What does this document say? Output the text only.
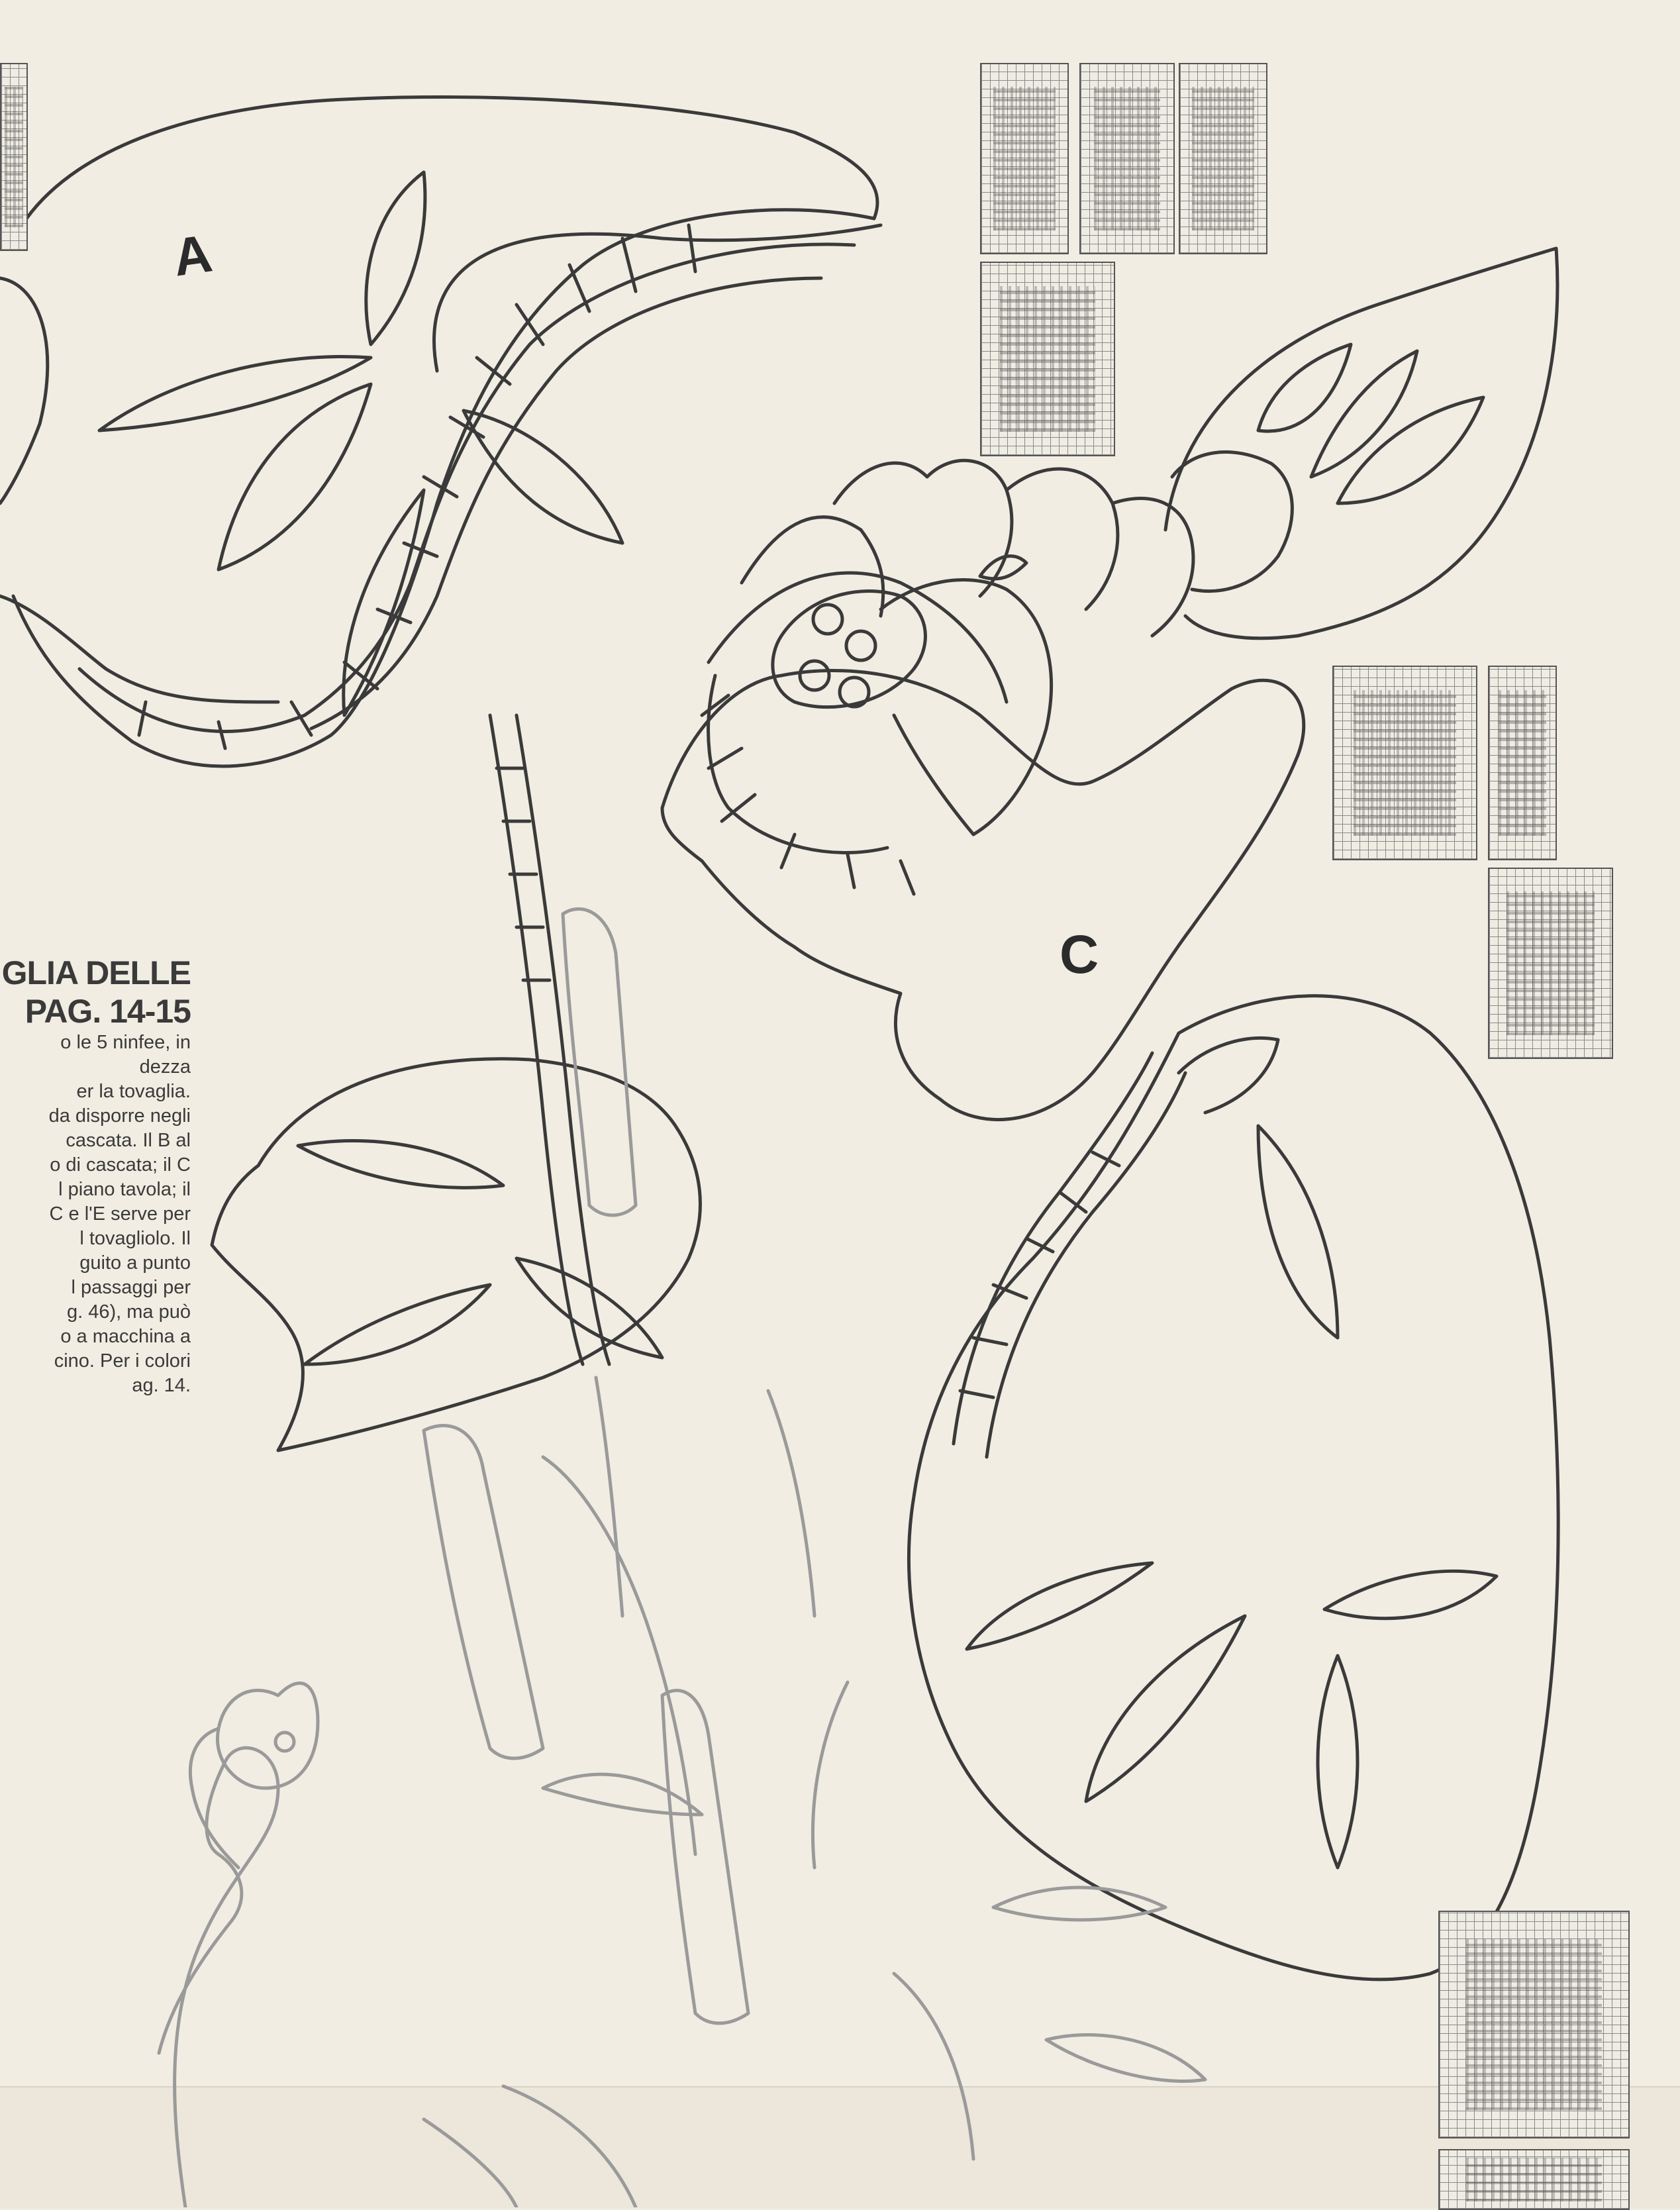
A
C
GLIA DELLE
PAG. 14-15
o le 5 ninfee, in
dezza
er la tovaglia.
da disporre negli
cascata. Il B al
o di cascata; il C
l piano tavola; il
C e l'E serve per
l tovagliolo. Il
guito a punto
l passaggi per
g. 46), ma può
o a macchina a
cino. Per i colori
ag. 14.
